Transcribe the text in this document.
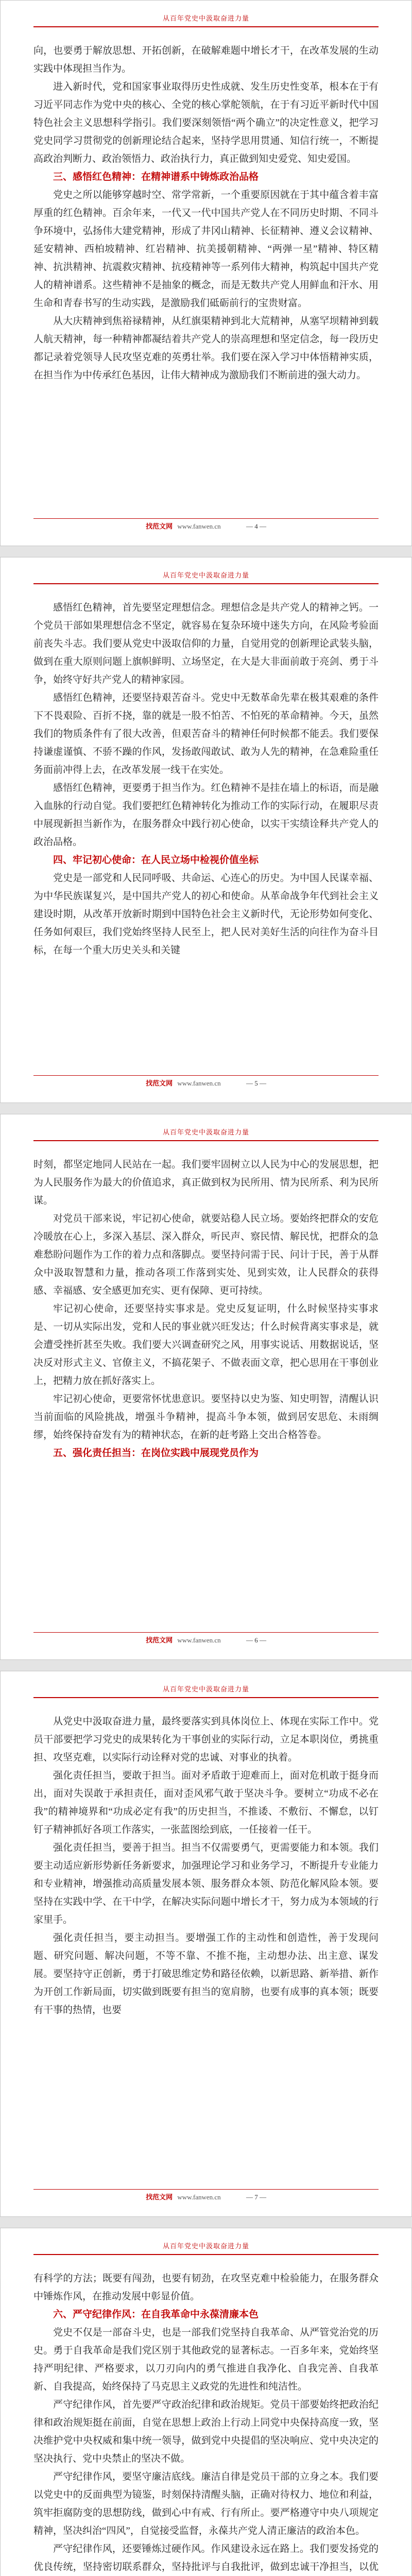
从百年党史中汲取奋进力量

向，也要勇于解放思想、开拓创新，在破解难题中增长才干，在改革发展的生动实践中体现担当作为。

进入新时代，党和国家事业取得历史性成就、发生历史性变革，根本在于有习近平同志作为党中央的核心、全党的核心掌舵领航，在于有习近平新时代中国特色社会主义思想科学指引。我们要深刻领悟“两个确立”的决定性意义，把学习党史同学习贯彻党的创新理论结合起来，坚持学思用贯通、知信行统一，不断提高政治判断力、政治领悟力、政治执行力，真正做到知史爱党、知史爱国。

三、感悟红色精神：在精神谱系中铸炼政治品格

党史之所以能够穿越时空、常学常新，一个重要原因就在于其中蕴含着丰富厚重的红色精神。百余年来，一代又一代中国共产党人在不同历史时期、不同斗争环境中，弘扬伟大建党精神，形成了井冈山精神、长征精神、遵义会议精神、延安精神、西柏坡精神、红岩精神、抗美援朝精神、“两弹一星”精神、特区精神、抗洪精神、抗震救灾精神、抗疫精神等一系列伟大精神，构筑起中国共产党人的精神谱系。这些精神不是抽象的概念，而是无数共产党人用鲜血和汗水、用生命和青春书写的生动实践，是激励我们砥砺前行的宝贵财富。

从大庆精神到焦裕禄精神，从红旗渠精神到北大荒精神，从塞罕坝精神到载人航天精神，每一种精神都凝结着共产党人的崇高理想和坚定信念，每一段历史都记录着党领导人民攻坚克难的英勇壮举。我们要在深入学习中体悟精神实质，在担当作为中传承红色基因，让伟大精神成为激励我们不断前进的强大动力。

找范文网 www.fanwen.cn	— 4 —
从百年党史中汲取奋进力量

感悟红色精神，首先要坚定理想信念。理想信念是共产党人的精神之钙。一个党员干部如果理想信念不坚定，就容易在复杂环境中迷失方向，在风险考验面前丧失斗志。我们要从党史中汲取信仰的力量，自觉用党的创新理论武装头脑，做到在重大原则问题上旗帜鲜明、立场坚定，在大是大非面前敢于亮剑、勇于斗争，始终守好共产党人的精神家园。

感悟红色精神，还要坚持艰苦奋斗。党史中无数革命先辈在极其艰难的条件下不畏艰险、百折不挠，靠的就是一股不怕苦、不怕死的革命精神。今天，虽然我们的物质条件有了很大改善，但艰苦奋斗的精神任何时候都不能丢。我们要保持谦虚谨慎、不骄不躁的作风，发扬敢闯敢试、敢为人先的精神，在急难险重任务面前冲得上去，在改革发展一线干在实处。

感悟红色精神，更要勇于担当作为。红色精神不是挂在墙上的标语，而是融入血脉的行动自觉。我们要把红色精神转化为推动工作的实际行动，在履职尽责中展现新担当新作为，在服务群众中践行初心使命，以实干实绩诠释共产党人的政治品格。

四、牢记初心使命：在人民立场中检视价值坐标

党史是一部党和人民同呼吸、共命运、心连心的历史。为中国人民谋幸福、为中华民族谋复兴，是中国共产党人的初心和使命。从革命战争年代到社会主义建设时期，从改革开放新时期到中国特色社会主义新时代，无论形势如何变化、任务如何艰巨，我们党始终坚持人民至上，把人民对美好生活的向往作为奋斗目标，在每一个重大历史关头和关键

找范文网 www.fanwen.cn	— 5 —
从百年党史中汲取奋进力量

时刻，都坚定地同人民站在一起。我们要牢固树立以人民为中心的发展思想，把为人民服务作为最大的价值追求，真正做到权为民所用、情为民所系、利为民所谋。

对党员干部来说，牢记初心使命，就要站稳人民立场。要始终把群众的安危冷暖放在心上，多深入基层、深入群众，听民声、察民情、解民忧，把群众的急难愁盼问题作为工作的着力点和落脚点。要坚持问需于民、问计于民，善于从群众中汲取智慧和力量，推动各项工作落到实处、见到实效，让人民群众的获得感、幸福感、安全感更加充实、更有保障、更可持续。

牢记初心使命，还要坚持实事求是。党史反复证明，什么时候坚持实事求是、一切从实际出发，党和人民的事业就兴旺发达；什么时候背离实事求是，就会遭受挫折甚至失败。我们要大兴调查研究之风，用事实说话、用数据说话，坚决反对形式主义、官僚主义，不搞花架子、不做表面文章，把心思用在干事创业上，把精力放在抓好落实上。

牢记初心使命，更要常怀忧患意识。要坚持以史为鉴、知史明智，清醒认识当前面临的风险挑战，增强斗争精神，提高斗争本领，做到居安思危、未雨绸缪，始终保持奋发有为的精神状态，在新的赶考路上交出合格答卷。

五、强化责任担当：在岗位实践中展现党员作为
找范文网 www.fanwen.cn	— 6 —
从百年党史中汲取奋进力量

从党史中汲取奋进力量，最终要落实到具体岗位上、体现在实际工作中。党员干部要把学习党史的成果转化为干事创业的实际行动，立足本职岗位，勇挑重担、攻坚克难，以实际行动诠释对党的忠诚、对事业的执着。

强化责任担当，要敢于担当。面对矛盾敢于迎难而上，面对危机敢于挺身而出，面对失误敢于承担责任，面对歪风邪气敢于坚决斗争。要树立“功成不必在我”的精神境界和“功成必定有我”的历史担当，不推诿、不敷衍、不懈怠，以钉钉子精神抓好各项工作落实，一张蓝图绘到底，一任接着一任干。

强化责任担当，要善于担当。担当不仅需要勇气，更需要能力和本领。我们要主动适应新形势新任务新要求，加强理论学习和业务学习，不断提升专业能力和专业精神，增强推动高质量发展本领、服务群众本领、防范化解风险本领。要坚持在实践中学、在干中学，在解决实际问题中增长才干，努力成为本领域的行家里手。

强化责任担当，要主动担当。要增强工作的主动性和创造性，善于发现问题、研究问题、解决问题，不等不靠、不推不拖，主动想办法、出主意、谋发展。要坚持守正创新，勇于打破思维定势和路径依赖，以新思路、新举措、新作为开创工作新局面，切实做到既要有担当的宽肩膀，也要有成事的真本领；既要有干事的热情，也要

找范文网 www.fanwen.cn	— 7 —
从百年党史中汲取奋进力量

有科学的方法；既要有闯劲，也要有韧劲，在攻坚克难中检验能力，在服务群众中锤炼作风，在推动发展中彰显价值。

六、严守纪律作风：在自我革命中永葆清廉本色

党史不仅是一部奋斗史，也是一部我们党坚持自我革命、从严管党治党的历史。勇于自我革命是我们党区别于其他政党的显著标志。一百多年来，党始终坚持严明纪律、严格要求，以刀刃向内的勇气推进自我净化、自我完善、自我革新、自我提高，始终保持了马克思主义政党的先进性和纯洁性。

严守纪律作风，首先要严守政治纪律和政治规矩。党员干部要始终把政治纪律和政治规矩挺在前面，自觉在思想上政治上行动上同党中央保持高度一致，坚决维护党中央权威和集中统一领导，做到党中央提倡的坚决响应、党中央决定的坚决执行、党中央禁止的坚决不做。

严守纪律作风，要坚守廉洁底线。廉洁自律是党员干部的立身之本。我们要以党史中的反面典型为镜鉴，时刻保持清醒头脑，正确对待权力、地位和利益，筑牢拒腐防变的思想防线，做到心中有戒、行有所止。要严格遵守中央八项规定精神，坚决纠治“四风”，自觉接受监督，永葆共产党人清正廉洁的政治本色。

严守纪律作风，还要锤炼过硬作风。作风建设永远在路上。我们要发扬党的优良传统，坚持密切联系群众，坚持批评与自我批评，做到忠诚干净担当，以优
